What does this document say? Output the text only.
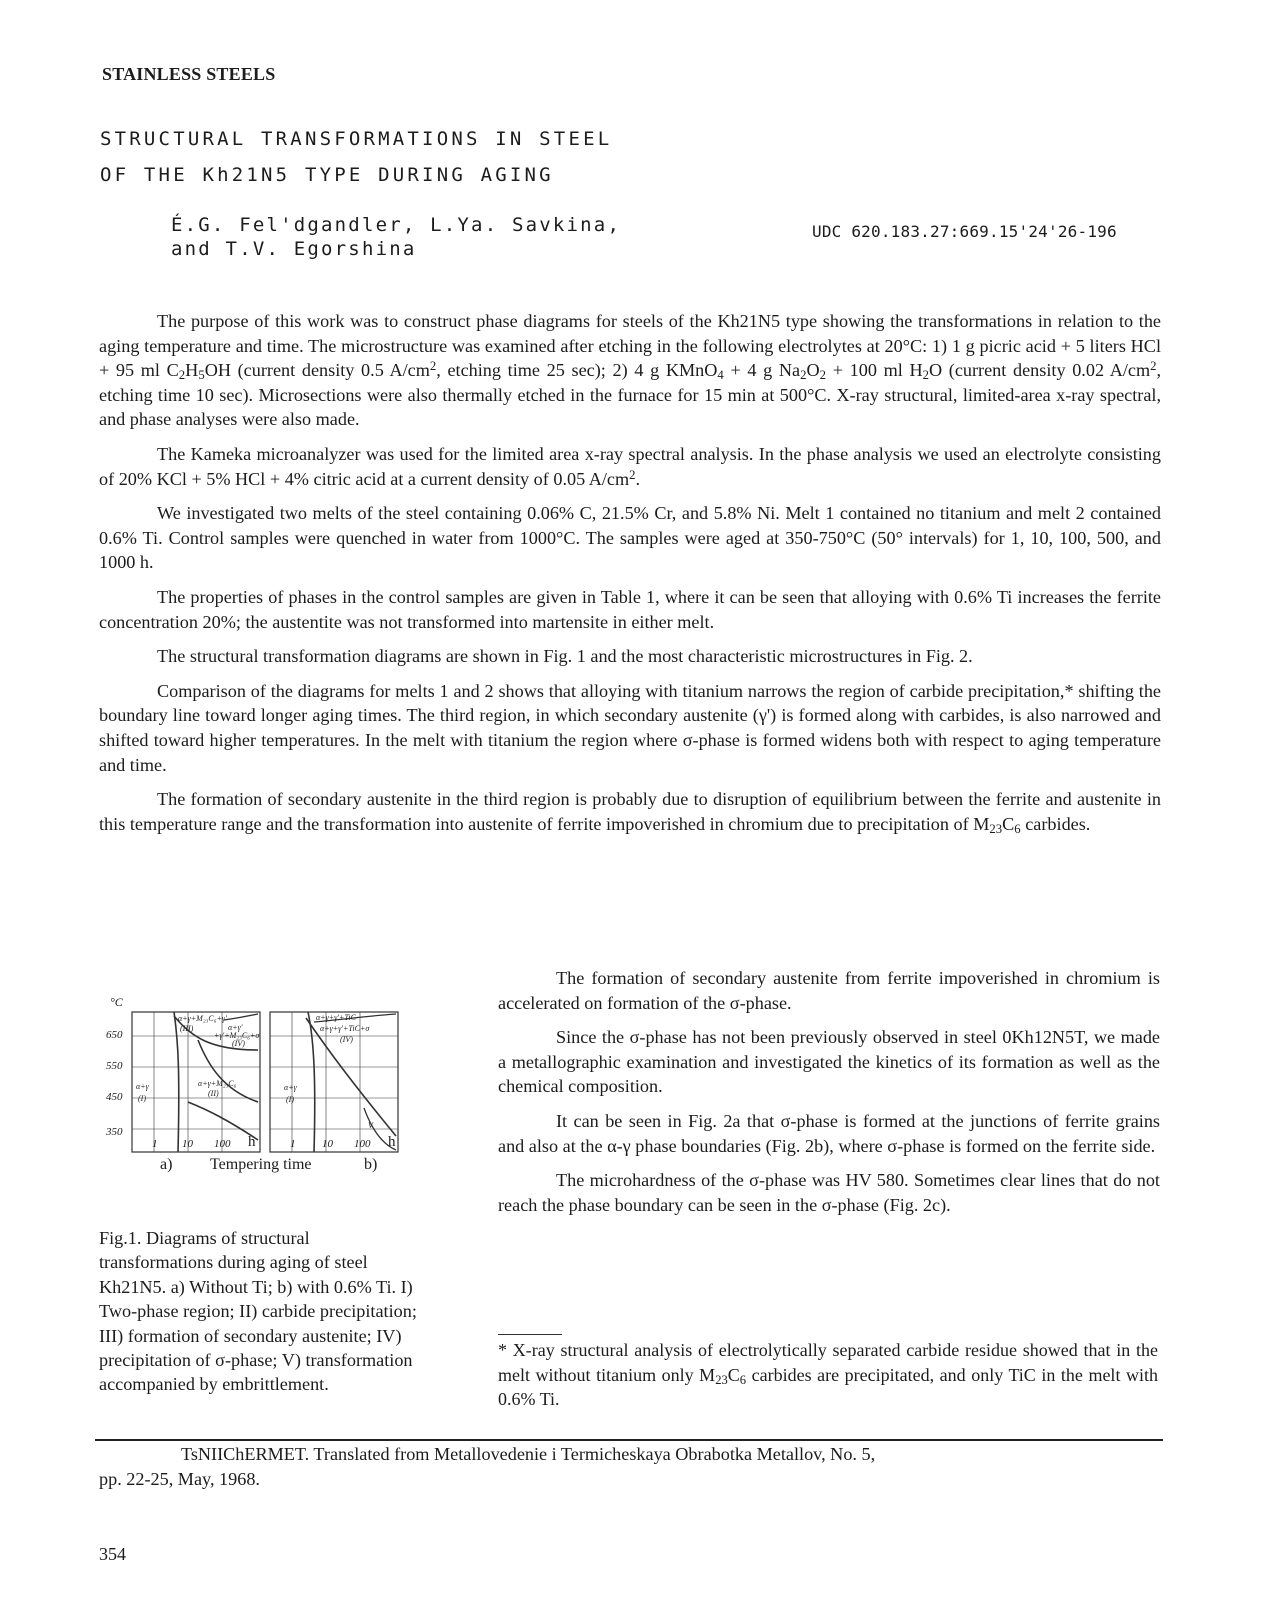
STAINLESS STEELS
STRUCTURAL TRANSFORMATIONS IN STEEL
OF THE Kh21N5 TYPE DURING AGING
É.G. Fel'dgandler, L.Ya. Savkina,
and T.V. Egorshina
UDC 620.183.27:669.15'24'26-196

The purpose of this work was to construct phase diagrams for steels of the Kh21N5 type showing the transformations in relation to the aging temperature and time. The microstructure was examined after etching in the following electrolytes at 20°C: 1) 1 g picric acid + 5 liters HCl + 95 ml $C_2H_5OH$ (current density 0.5 $A/cm^2$, etching time 25 sec); 2) 4 g KMnO$_4$ + 4 g $Na_2O_2 + 100$ ml $H_2O$ (current density 0.02 $A/cm^2$, etching time 10 sec). Microsections were also thermally etched in the furnace for 15 min at 500°C. X-ray structural, limited-area x-ray spectral, and phase analyses were also made.

The Kameka microanalyzer was used for the limited area x-ray spectral analysis. In the phase analysis we used an electrolyte consisting of 20% KCl + 5% HCl + 4% citric acid at a current density of 0.05 $A/cm^2$.

We investigated two melts of the steel containing 0.06% C, 21.5% Cr, and 5.8% Ni. Melt 1 contained no titanium and melt 2 contained 0.6% Ti. Control samples were quenched in water from 1000°C. The samples were aged at 350-750°C (50° intervals) for 1, 10, 100, 500, and 1000 h.

The properties of phases in the control samples are given in Table 1, where it can be seen that alloying with 0.6% Ti increases the ferrite concentration 20%; the austentite was not transformed into martensite in either melt.

The structural transformation diagrams are shown in Fig. 1 and the most characteristic microstructures in Fig. 2.

Comparison of the diagrams for melts 1 and 2 shows that alloying with titanium narrows the region of carbide precipitation,* shifting the boundary line toward longer aging times. The third region, in which secondary austenite (γ') is formed along with carbides, is also narrowed and shifted toward higher temperatures. In the melt with titanium the region where σ-phase is formed widens both with respect to aging temperature and time.

The formation of secondary austenite in the third region is probably due to disruption of equilibrium between the ferrite and austenite in this temperature range and the transformation into austenite of ferrite impoverished in chromium due to precipitation of $M_{23}C_6$ carbides.

α+γ+M₂₃C₆+γ'
(III)	α+γ'
+γ'+M₂₃C₆+σ
(IV)
α+γ
(I)
α+γ+M₂₃C₆
(II)
α+γ+γ'+TiC
α+γ+γ'+TiC+σ
(IV)
α+γ
(I)
V
°C
650
550
450
350
1 10 100 h	1 10 100 h
a) Tempering time	b)
Fig.1. Diagrams of structural transformations during aging of steel Kh21N5. a) Without Ti; b) with 0.6% Ti. I) Two-phase region; II) carbide precipitation; III) formation of secondary austenite; IV) precipitation of σ-phase; V) transformation accompanied by embrittlement.

The formation of secondary austenite from ferrite impoverished in chromium is accelerated on formation of the σ-phase.

Since the σ-phase has not been previously observed in steel 0Kh12N5T, we made a metallographic examination and investigated the kinetics of its formation as well as the chemical composition.

It can be seen in Fig. 2a that σ-phase is formed at the junctions of ferrite grains and also at the α-γ phase boundaries (Fig. 2b), where σ-phase is formed on the ferrite side.

The microhardness of the σ-phase was HV 580. Sometimes clear lines that do not reach the phase boundary can be seen in the σ-phase (Fig. 2c).

* X-ray structural analysis of electrolytically separated carbide residue showed that in the melt without titanium only $M_{23}C_6$ carbides are precipitated, and only TiC in the melt with 0.6% Ti.
TsNIIChERMET. Translated from Metallovedenie i Termicheskaya Obrabotka Metallov, No. 5,
pp. 22-25, May, 1968.
354
